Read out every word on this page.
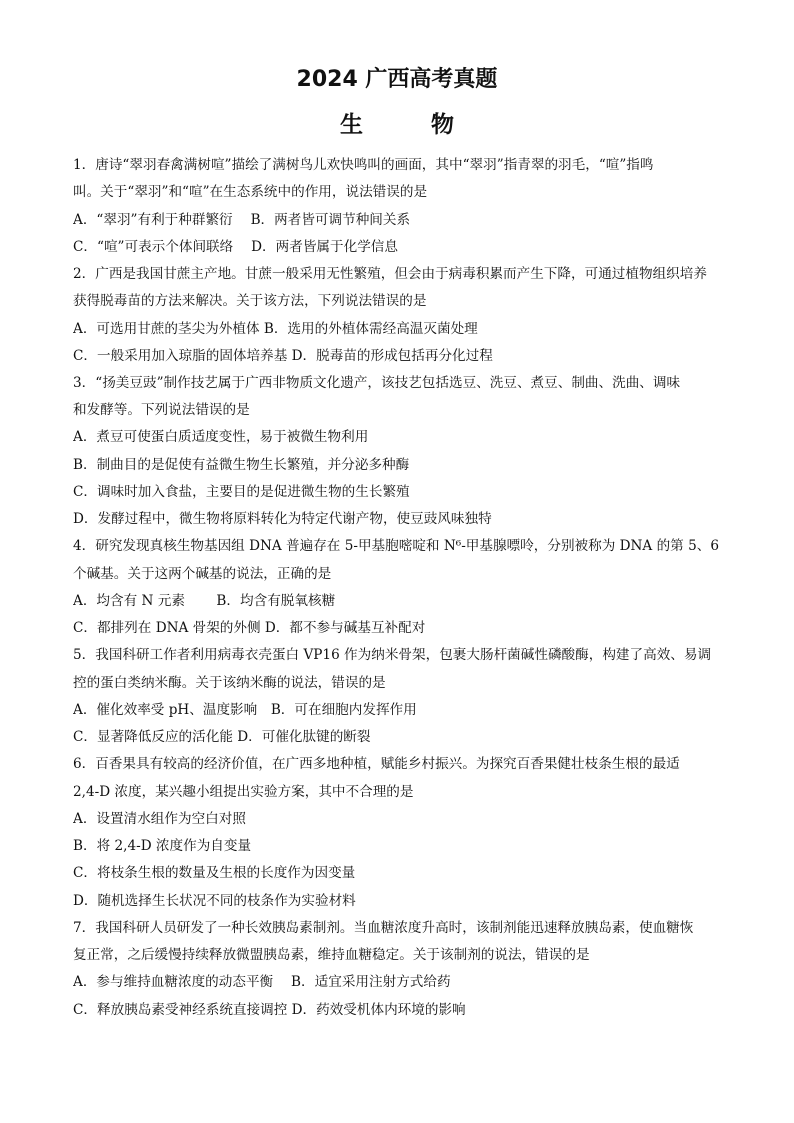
2024 广西高考真题
生 物
1．唐诗“翠羽春禽满树喧”描绘了满树鸟儿欢快鸣叫的画面，其中“翠羽”指青翠的羽毛，“喧”指鸣
叫。关于“翠羽”和“喧”在生态系统中的作用，说法错误的是
A．“翠羽”有利于种群繁衍　 B．两者皆可调节种间关系
C．“喧”可表示个体间联络　 D．两者皆属于化学信息
2．广西是我国甘蔗主产地。甘蔗一般采用无性繁殖，但会由于病毒积累而产生下降，可通过植物组织培养
获得脱毒苗的方法来解决。关于该方法，下列说法错误的是
A．可选用甘蔗的茎尖为外植体 B．选用的外植体需经高温灭菌处理
C．一般采用加入琼脂的固体培养基 D．脱毒苗的形成包括再分化过程
3．“扬美豆豉”制作技艺属于广西非物质文化遗产，该技艺包括选豆、洗豆、煮豆、制曲、洗曲、调味
和发酵等。下列说法错误的是
A．煮豆可使蛋白质适度变性，易于被微生物利用
B．制曲目的是促使有益微生物生长繁殖，并分泌多种酶
C．调味时加入食盐，主要目的是促进微生物的生长繁殖
D．发酵过程中，微生物将原料转化为特定代谢产物，使豆豉风味独特
4．研究发现真核生物基因组 DNA 普遍存在 5-甲基胞嘧啶和 N⁶-甲基腺嘌呤，分别被称为 DNA 的第 5、6
个碱基。关于这两个碱基的说法，正确的是
A．均含有 N 元素　　 B．均含有脱氧核糖
C．都排列在 DNA 骨架的外侧 D．都不参与碱基互补配对
5．我国科研工作者利用病毒衣壳蛋白 VP16 作为纳米骨架，包裹大肠杆菌碱性磷酸酶，构建了高效、易调
控的蛋白类纳米酶。关于该纳米酶的说法，错误的是
A．催化效率受 pH、温度影响　B．可在细胞内发挥作用
C．显著降低反应的活化能 D．可催化肽键的断裂
6．百香果具有较高的经济价值，在广西多地种植，赋能乡村振兴。为探究百香果健壮枝条生根的最适
2,4-D 浓度，某兴趣小组提出实验方案，其中不合理的是
A．设置清水组作为空白对照
B．将 2,4-D 浓度作为自变量
C．将枝条生根的数量及生根的长度作为因变量
D．随机选择生长状况不同的枝条作为实验材料
7．我国科研人员研发了一种长效胰岛素制剂。当血糖浓度升高时，该制剂能迅速释放胰岛素，使血糖恢
复正常，之后缓慢持续释放微盟胰岛素，维持血糖稳定。关于该制剂的说法，错误的是
A．参与维持血糖浓度的动态平衡　 B．适宜采用注射方式给药
C．释放胰岛素受神经系统直接调控 D．药效受机体内环境的影响
